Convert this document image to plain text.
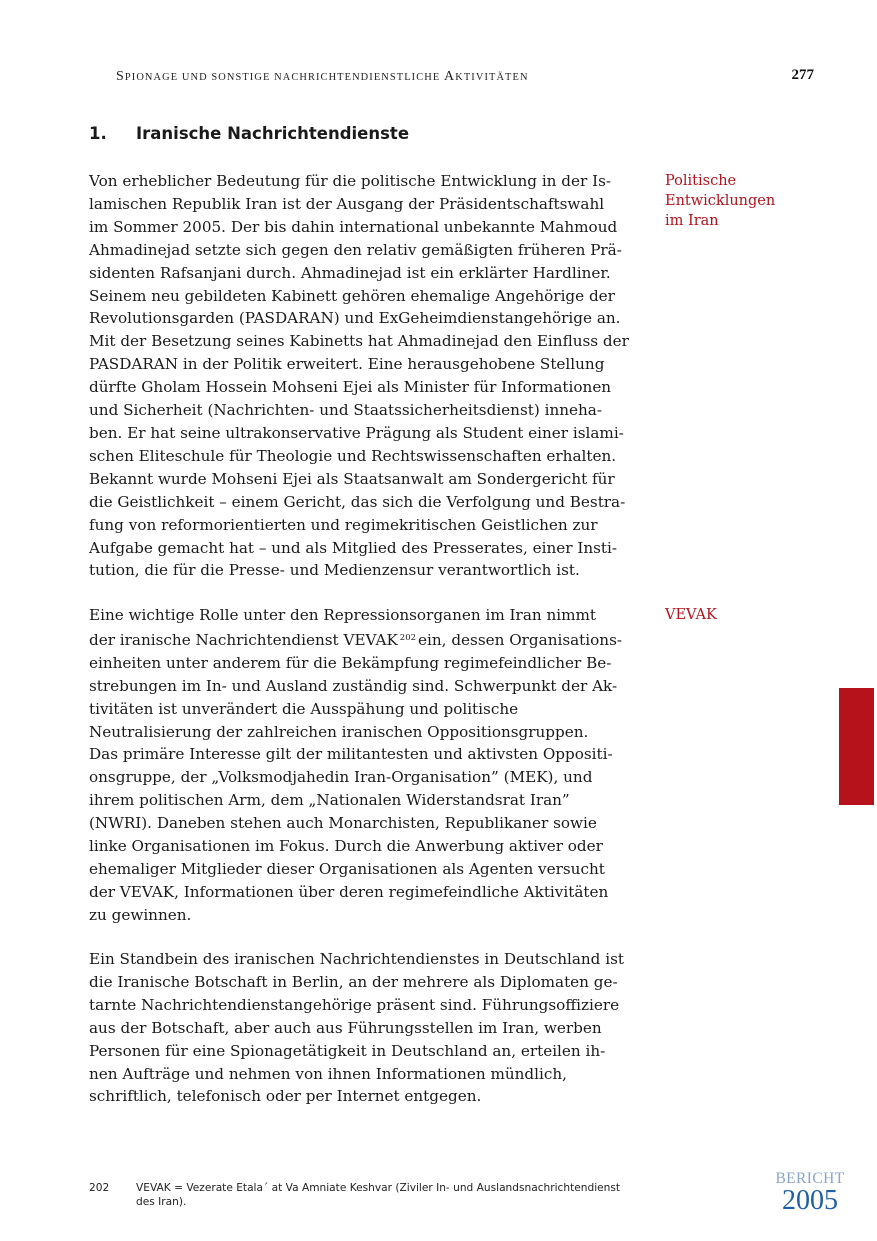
SPIONAGE UND SONSTIGE NACHRICHTENDIENSTLICHE AKTIVITÄTEN	277
1. Iranische Nachrichtendienste
Von erheblicher Bedeutung für die politische Entwicklung in der Is-
lamischen Republik Iran ist der Ausgang der Präsidentschaftswahl
im Sommer 2005. Der bis dahin international unbekannte Mahmoud
Ahmadinejad setzte sich gegen den relativ gemäßigten früheren Prä-
sidenten Rafsanjani durch. Ahmadinejad ist ein erklärter Hardliner.
Seinem neu gebildeten Kabinett gehören ehemalige Angehörige der
Revolutionsgarden (PASDARAN) und ExGeheimdienstangehörige an.
Mit der Besetzung seines Kabinetts hat Ahmadinejad den Einfluss der
PASDARAN in der Politik erweitert. Eine herausgehobene Stellung
dürfte Gholam Hossein Mohseni Ejei als Minister für Informationen
und Sicherheit (Nachrichten- und Staatssicherheitsdienst) inneha-
ben. Er hat seine ultrakonservative Prägung als Student einer islami-
schen Eliteschule für Theologie und Rechtswissenschaften erhalten.
Bekannt wurde Mohseni Ejei als Staatsanwalt am Sondergericht für
die Geistlichkeit – einem Gericht, das sich die Verfolgung und Bestra-
fung von reformorientierten und regimekritischen Geistlichen zur
Aufgabe gemacht hat – und als Mitglied des Presserates, einer Insti-
tution, die für die Presse- und Medienzensur verantwortlich ist.
Eine wichtige Rolle unter den Repressionsorganen im Iran nimmt
der iranische Nachrichtendienst VEVAK $^{202}$ ein, dessen Organisations-
einheiten unter anderem für die Bekämpfung regimefeindlicher Be-
strebungen im In- und Ausland zuständig sind. Schwerpunkt der Ak-
tivitäten ist unverändert die Ausspähung und politische
Neutralisierung der zahlreichen iranischen Oppositionsgruppen.
Das primäre Interesse gilt der militantesten und aktivsten Oppositi-
onsgruppe, der „Volksmodjahedin Iran-Organisation” (MEK), und
ihrem politischen Arm, dem „Nationalen Widerstandsrat Iran”
(NWRI). Daneben stehen auch Monarchisten, Republikaner sowie
linke Organisationen im Fokus. Durch die Anwerbung aktiver oder
ehemaliger Mitglieder dieser Organisationen als Agenten versucht
der VEVAK, Informationen über deren regimefeindliche Aktivitäten
zu gewinnen.
Ein Standbein des iranischen Nachrichtendienstes in Deutschland ist
die Iranische Botschaft in Berlin, an der mehrere als Diplomaten ge-
tarnte Nachrichtendienstangehörige präsent sind. Führungsoffiziere
aus der Botschaft, aber auch aus Führungsstellen im Iran, werben
Personen für eine Spionagetätigkeit in Deutschland an, erteilen ih-
nen Aufträge und nehmen von ihnen Informationen mündlich,
schriftlich, telefonisch oder per Internet entgegen.
Politische
Entwicklungen
im Iran
VEVAK
202	VEVAK = Vezerate Etala´ at Va Amniate Keshvar (Ziviler In- und Auslandsnachrichtendienst
des Iran).
BERICHT
2005
